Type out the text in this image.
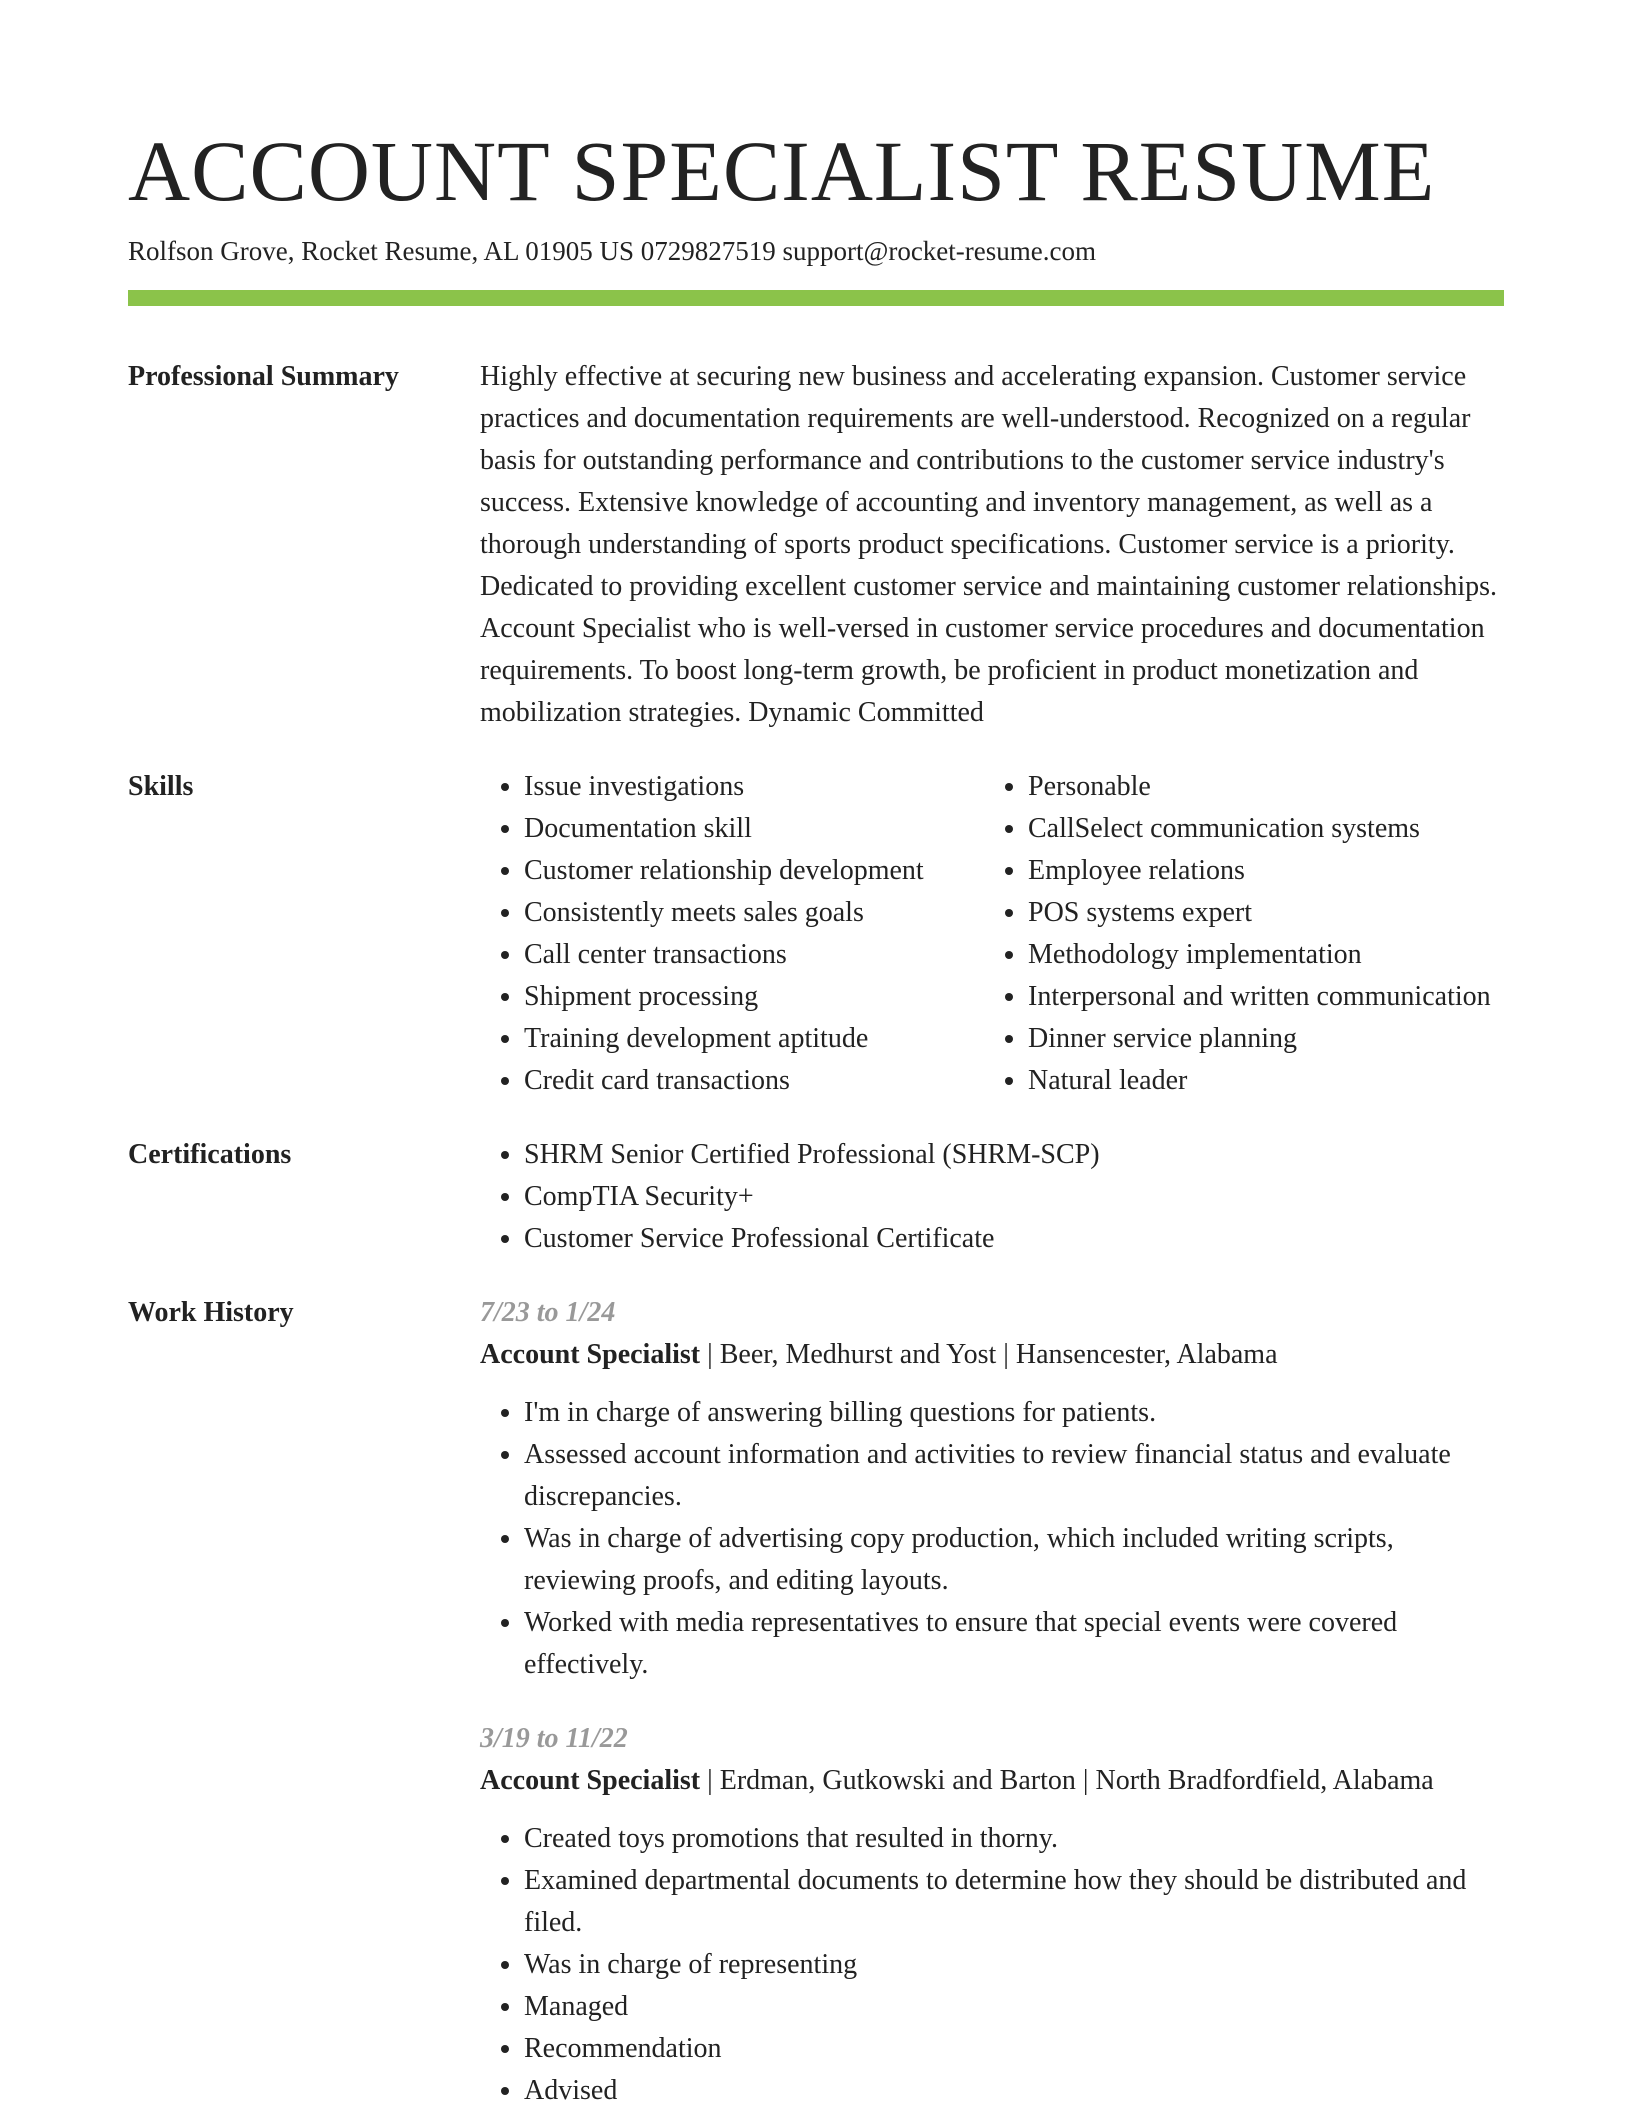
ACCOUNT SPECIALIST RESUME
Rolfson Grove, Rocket Resume, AL 01905 US 0729827519 support@rocket-resume.com
Professional Summary	Highly effective at securing new business and accelerating expansion. Customer service practices and documentation requirements are well-understood. Recognized on a regular basis for outstanding performance and contributions to the customer service industry's success. Extensive knowledge of accounting and inventory management, as well as a thorough understanding of sports product specifications. Customer service is a priority. Dedicated to providing excellent customer service and maintaining customer relationships. Account Specialist who is well-versed in customer service procedures and documentation requirements. To boost long-term growth, be proficient in product monetization and mobilization strategies. Dynamic Committed
Skills	• Issue investigations
• Documentation skill
• Customer relationship development
• Consistently meets sales goals
• Call center transactions
• Shipment processing
• Training development aptitude
• Credit card transactions
• Personable
• CallSelect communication systems
• Employee relations
• POS systems expert
• Methodology implementation
• Interpersonal and written communication
• Dinner service planning
• Natural leader
Certifications	• SHRM Senior Certified Professional (SHRM-SCP)
• CompTIA Security+
• Customer Service Professional Certificate
Work History	7/23 to 1/24
Account Specialist | Beer, Medhurst and Yost | Hansencester, Alabama
• I'm in charge of answering billing questions for patients.
• Assessed account information and activities to review financial status and evaluate discrepancies.
• Was in charge of advertising copy production, which included writing scripts, reviewing proofs, and editing layouts.
• Worked with media representatives to ensure that special events were covered effectively.
3/19 to 11/22
Account Specialist | Erdman, Gutkowski and Barton | North Bradfordfield, Alabama
• Created toys promotions that resulted in thorny.
• Examined departmental documents to determine how they should be distributed and filed.
• Was in charge of representing
• Managed
• Recommendation
• Advised
